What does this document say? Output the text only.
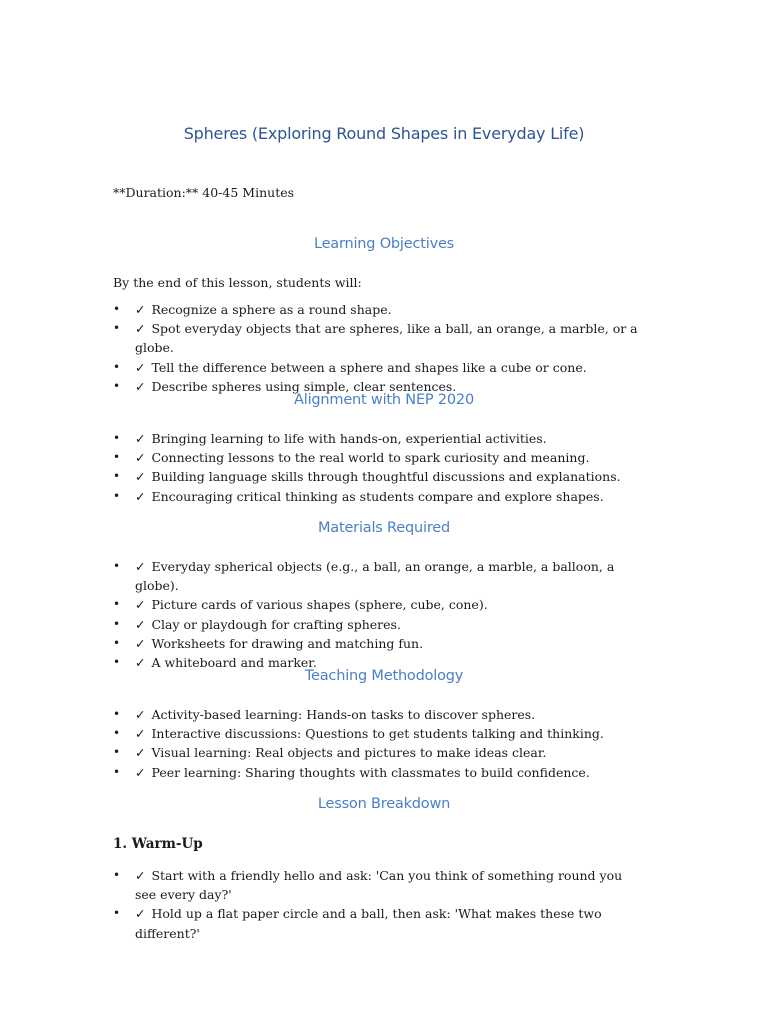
Spheres (Exploring Round Shapes in Everyday Life)
**Duration:** 40-45 Minutes
Learning Objectives
By the end of this lesson, students will:
• ✓ Recognize a sphere as a round shape.
• ✓ Spot everyday objects that are spheres, like a ball, an orange, a marble, or a globe.
• ✓ Tell the difference between a sphere and shapes like a cube or cone.
• ✓ Describe spheres using simple, clear sentences.
Alignment with NEP 2020
• ✓ Bringing learning to life with hands-on, experiential activities.
• ✓ Connecting lessons to the real world to spark curiosity and meaning.
• ✓ Building language skills through thoughtful discussions and explanations.
• ✓ Encouraging critical thinking as students compare and explore shapes.
Materials Required
• ✓ Everyday spherical objects (e.g., a ball, an orange, a marble, a balloon, a globe).
• ✓ Picture cards of various shapes (sphere, cube, cone).
• ✓ Clay or playdough for crafting spheres.
• ✓ Worksheets for drawing and matching fun.
• ✓ A whiteboard and marker.
Teaching Methodology
• ✓ Activity-based learning: Hands-on tasks to discover spheres.
• ✓ Interactive discussions: Questions to get students talking and thinking.
• ✓ Visual learning: Real objects and pictures to make ideas clear.
• ✓ Peer learning: Sharing thoughts with classmates to build confidence.
Lesson Breakdown
1. Warm-Up
• ✓ Start with a friendly hello and ask: 'Can you think of something round you see every day?'
• ✓ Hold up a flat paper circle and a ball, then ask: 'What makes these two different?'
